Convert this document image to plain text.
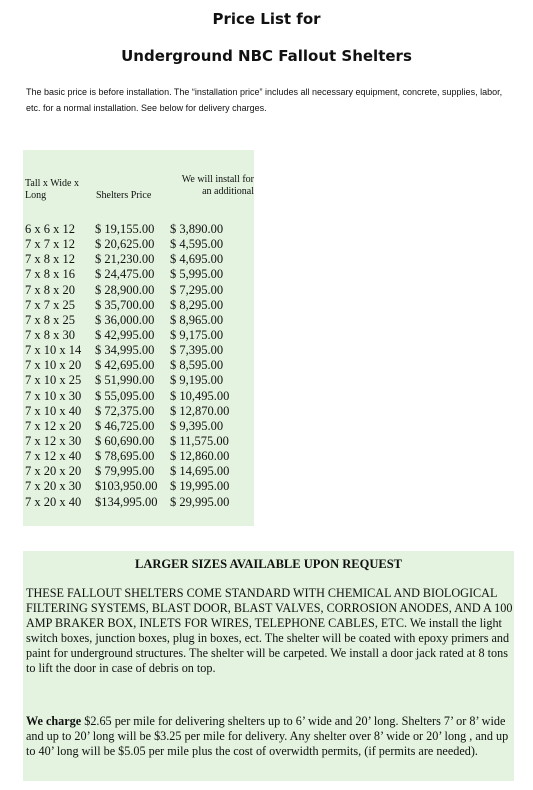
Price List for
Underground NBC Fallout Shelters
The basic price is before installation. The “installation price” includes all necessary equipment, concrete, supplies, labor, etc. for a normal installation. See below for delivery charges.
Tall x Wide x Long	Shelters Price
We will install for an additional
6 x 6 x 12 $ 19,155.00 $ 3,890.00
7 x 7 x 12 $ 20,625.00 $ 4,595.00
7 x 8 x 12 $ 21,230.00 $ 4,695.00
7 x 8 x 16 $ 24,475.00 $ 5,995.00
7 x 8 x 20 $ 28,900.00 $ 7,295.00
7 x 7 x 25 $ 35,700.00 $ 8,295.00
7 x 8 x 25 $ 36,000.00 $ 8,965.00
7 x 8 x 30 $ 42,995.00 $ 9,175.00
7 x 10 x 14 $ 34,995.00 $ 7,395.00
7 x 10 x 20 $ 42,695.00 $ 8,595.00
7 x 10 x 25 $ 51,990.00 $ 9,195.00
7 x 10 x 30 $ 55,095.00 $ 10,495.00
7 x 10 x 40 $ 72,375.00 $ 12,870.00
7 x 12 x 20 $ 46,725.00 $ 9,395.00
7 x 12 x 30 $ 60,690.00 $ 11,575.00
7 x 12 x 40 $ 78,695.00 $ 12,860.00
7 x 20 x 20 $ 79,995.00 $ 14,695.00
7 x 20 x 30 $103,950.00 $ 19,995.00
7 x 20 x 40 $134,995.00 $ 29,995.00
LARGER SIZES AVAILABLE UPON REQUEST
THESE FALLOUT SHELTERS COME STANDARD WITH CHEMICAL AND BIOLOGICAL FILTERING SYSTEMS, BLAST DOOR, BLAST VALVES, CORROSION ANODES, AND A 100 AMP BRAKER BOX, INLETS FOR WIRES, TELEPHONE CABLES, ETC. We install the light switch boxes, junction boxes, plug in boxes, ect. The shelter will be coated with epoxy primers and paint for underground structures. The shelter will be carpeted. We install a door jack rated at 8 tons to lift the door in case of debris on top.
We charge $2.65 per mile for delivering shelters up to 6’ wide and 20’ long. Shelters 7’ or 8’ wide and up to 20’ long will be $3.25 per mile for delivery. Any shelter over 8’ wide or 20’ long , and up to 40’ long will be $5.05 per mile plus the cost of overwidth permits, (if permits are needed).
